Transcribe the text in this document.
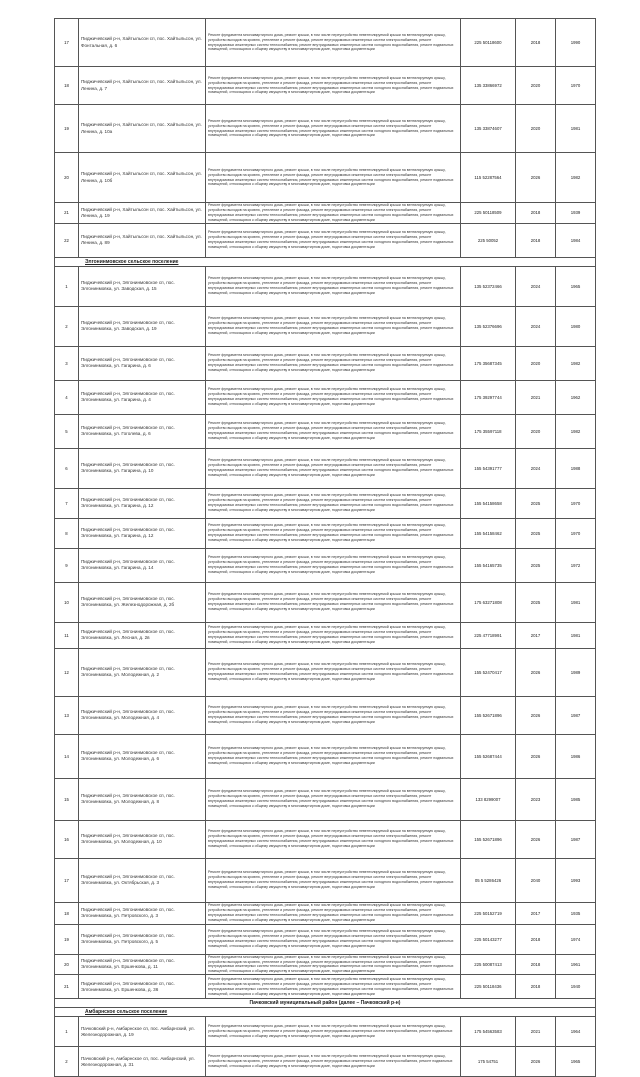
17	Пиджичевский р-н, Хайтыльсон сп, пос. Хайтыльсон, ул. Фонтальная, д. 6	Ремонт фундамента многоквартирного дома, ремонт крыши, в том числе переустройство невентилируемой крыши на вентилируемую крышу, устройство выходов на кровлю, утепление и ремонт фасада, ремонт внутридомовых инженерных систем электроснабжения, ремонт внутридомовых инженерных систем теплоснабжения, ремонт внутридомовых инженерных систем холодного водоснабжения, ремонт подвальных помещений, относящихся к общему имуществу в многоквартирном доме, подготовка документации	225 50118600	2018	1990
18	Пиджичевский р-н, Хайтыльсон сп, пос. Хайтыльсон, ул. Ленина, д. 7	Ремонт фундамента многоквартирного дома, ремонт крыши, в том числе переустройство невентилируемой крыши на вентилируемую крышу, устройство выходов на кровлю, утепление и ремонт фасада, ремонт внутридомовых инженерных систем электроснабжения, ремонт внутридомовых инженерных систем теплоснабжения, ремонт внутридомовых инженерных систем холодного водоснабжения, ремонт подвальных помещений, относящихся к общему имуществу в многоквартирном доме, подготовка документации	135 33866972	2020	1970
19	Пиджичевский р-н, Хайтыльсон сп, пос. Хайтыльсон, ул. Ленина, д. 10а	Ремонт фундамента многоквартирного дома, ремонт крыши, в том числе переустройство невентилируемой крыши на вентилируемую крышу, устройство выходов на кровлю, утепление и ремонт фасада, ремонт внутридомовых инженерных систем электроснабжения, ремонт внутридомовых инженерных систем теплоснабжения, ремонт внутридомовых инженерных систем холодного водоснабжения, ремонт подвальных помещений, относящихся к общему имуществу в многоквартирном доме, подготовка документации	135 33874607	2020	1981
20	Пиджичевский р-н, Хайтыльсон сп, пос. Хайтыльсон, ул. Ленина, д. 10б	Ремонт фундамента многоквартирного дома, ремонт крыши, в том числе переустройство невентилируемой крыши на вентилируемую крышу, устройство выходов на кровлю, утепление и ремонт фасада, ремонт внутридомовых инженерных систем электроснабжения, ремонт внутридомовых инженерных систем теплоснабжения, ремонт внутридомовых инженерных систем холодного водоснабжения, ремонт подвальных помещений, относящихся к общему имуществу в многоквартирном доме, подготовка документации	115 52287564	2026	1982
21	Пиджичевский р-н, Хайтыльсон сп, пос. Хайтыльсон, ул. Ленина, д. 19	Ремонт фундамента многоквартирного дома, ремонт крыши, в том числе переустройство невентилируемой крыши на вентилируемую крышу, устройство выходов на кровлю, утепление и ремонт фасада, ремонт внутридомовых инженерных систем электроснабжения, ремонт внутридомовых инженерных систем теплоснабжения, ремонт внутридомовых инженерных систем холодного водоснабжения, ремонт подвальных помещений, относящихся к общему имуществу в многоквартирном доме, подготовка документации	225 50118509	2018	1939
22	Пиджичевский р-н, Хайтыльсон сп, пос. Хайтыльсон, ул. Ленина, д. 89	Ремонт фундамента многоквартирного дома, ремонт крыши, в том числе переустройство невентилируемой крыши на вентилируемую крышу, устройство выходов на кровлю, утепление и ремонт фасада, ремонт внутридомовых инженерных систем электроснабжения, ремонт внутридомовых инженерных систем теплоснабжения, ремонт внутридомовых инженерных систем холодного водоснабжения, ремонт подвальных помещений, относящихся к общему имуществу в многоквартирном доме, подготовка документации	225 50052	2018	1984
Элгонинмовское сельское поселение					
1	Пиджичевский р-н, Элгонинмовское сп, пос. Элгонинмовка, ул. Заводская, д. 15	Ремонт фундамента многоквартирного дома, ремонт крыши, в том числе переустройство невентилируемой крыши на вентилируемую крышу, устройство выходов на кровлю, утепление и ремонт фасада, ремонт внутридомовых инженерных систем электроснабжения, ремонт внутридомовых инженерных систем теплоснабжения, ремонт внутридомовых инженерных систем холодного водоснабжения, ремонт подвальных помещений, относящихся к общему имуществу в многоквартирном доме, подготовка документации	135 52372466	2024	1965
2	Пиджичевский р-н, Элгонинмовское сп, пос. Элгонинмовка, ул. Заводская, д. 19	Ремонт фундамента многоквартирного дома, ремонт крыши, в том числе переустройство невентилируемой крыши на вентилируемую крышу, устройство выходов на кровлю, утепление и ремонт фасада, ремонт внутридомовых инженерных систем электроснабжения, ремонт внутридомовых инженерных систем теплоснабжения, ремонт внутридомовых инженерных систем холодного водоснабжения, ремонт подвальных помещений, относящихся к общему имуществу в многоквартирном доме, подготовка документации	135 52376696	2024	1980
3	Пиджичевский р-н, Элгонинмовское сп, пос. Элгонинмовка, ул. Гагарина, д. 6	Ремонт фундамента многоквартирного дома, ремонт крыши, в том числе переустройство невентилируемой крыши на вентилируемую крышу, устройство выходов на кровлю, утепление и ремонт фасада, ремонт внутридомовых инженерных систем электроснабжения, ремонт внутридомовых инженерных систем теплоснабжения, ремонт внутридомовых инженерных систем холодного водоснабжения, ремонт подвальных помещений, относящихся к общему имуществу в многоквартирном доме, подготовка документации	175 35687345	2020	1982
4	Пиджичевский р-н, Элгонинмовское сп, пос. Элгонинмовка, ул. Гагарина, д. 4	Ремонт фундамента многоквартирного дома, ремонт крыши, в том числе переустройство невентилируемой крыши на вентилируемую крышу, устройство выходов на кровлю, утепление и ремонт фасада, ремонт внутридомовых инженерных систем электроснабжения, ремонт внутридомовых инженерных систем теплоснабжения, ремонт внутридомовых инженерных систем холодного водоснабжения, ремонт подвальных помещений, относящихся к общему имуществу в многоквартирном доме, подготовка документации	175 39297744	2021	1962
5	Пиджичевский р-н, Элгонинмовское сп, пос. Элгонинмовка, ул. Гоголева, д. 6	Ремонт фундамента многоквартирного дома, ремонт крыши, в том числе переустройство невентилируемой крыши на вентилируемую крышу, устройство выходов на кровлю, утепление и ремонт фасада, ремонт внутридомовых инженерных систем электроснабжения, ремонт внутридомовых инженерных систем теплоснабжения, ремонт внутридомовых инженерных систем холодного водоснабжения, ремонт подвальных помещений, относящихся к общему имуществу в многоквартирном доме, подготовка документации	175 35597118	2020	1982
6	Пиджичевский р-н, Элгонинмовское сп, пос. Элгонинмовка, ул. Гагарина, д. 10	Ремонт фундамента многоквартирного дома, ремонт крыши, в том числе переустройство невентилируемой крыши на вентилируемую крышу, устройство выходов на кровлю, утепление и ремонт фасада, ремонт внутридомовых инженерных систем электроснабжения, ремонт внутридомовых инженерных систем теплоснабжения, ремонт внутридомовых инженерных систем холодного водоснабжения, ремонт подвальных помещений, относящихся к общему имуществу в многоквартирном доме, подготовка документации	155 54391777	2024	1988
7	Пиджичевский р-н, Элгонинмовское сп, пос. Элгонинмовка, ул. Гагарина, д. 12	Ремонт фундамента многоквартирного дома, ремонт крыши, в том числе переустройство невентилируемой крыши на вентилируемую крышу, устройство выходов на кровлю, утепление и ремонт фасада, ремонт внутридомовых инженерных систем электроснабжения, ремонт внутридомовых инженерных систем теплоснабжения, ремонт внутридомовых инженерных систем холодного водоснабжения, ремонт подвальных помещений, относящихся к общему имуществу в многоквартирном доме, подготовка документации	155 54158658	2025	1970
8	Пиджичевский р-н, Элгонинмовское сп, пос. Элгонинмовка, ул. Гагарина, д. 12	Ремонт фундамента многоквартирного дома, ремонт крыши, в том числе переустройство невентилируемой крыши на вентилируемую крышу, устройство выходов на кровлю, утепление и ремонт фасада, ремонт внутридомовых инженерных систем электроснабжения, ремонт внутридомовых инженерных систем теплоснабжения, ремонт внутридомовых инженерных систем холодного водоснабжения, ремонт подвальных помещений, относящихся к общему имуществу в многоквартирном доме, подготовка документации	155 54158462	2025	1970
9	Пиджичевский р-н, Элгонинмовское сп, пос. Элгонинмовка, ул. Гагарина, д. 14	Ремонт фундамента многоквартирного дома, ремонт крыши, в том числе переустройство невентилируемой крыши на вентилируемую крышу, устройство выходов на кровлю, утепление и ремонт фасада, ремонт внутридомовых инженерных систем электроснабжения, ремонт внутридомовых инженерных систем теплоснабжения, ремонт внутридомовых инженерных систем холодного водоснабжения, ремонт подвальных помещений, относящихся к общему имуществу в многоквартирном доме, подготовка документации	155 54165735	2025	1972
10	Пиджичевский р-н, Элгонинмовское сп, пос. Элгонинмовка, ул. Железнодорожная, д. 2б	Ремонт фундамента многоквартирного дома, ремонт крыши, в том числе переустройство невентилируемой крыши на вентилируемую крышу, устройство выходов на кровлю, утепление и ремонт фасада, ремонт внутридомовых инженерных систем электроснабжения, ремонт внутридомовых инженерных систем теплоснабжения, ремонт внутридомовых инженерных систем холодного водоснабжения, ремонт подвальных помещений, относящихся к общему имуществу в многоквартирном доме, подготовка документации	175 63271808	2025	1981
11	Пиджичевский р-н, Элгонинмовское сп, пос. Элгонинмовка, ул. Лесная, д. 2в	Ремонт фундамента многоквартирного дома, ремонт крыши, в том числе переустройство невентилируемой крыши на вентилируемую крышу, устройство выходов на кровлю, утепление и ремонт фасада, ремонт внутридомовых инженерных систем электроснабжения, ремонт внутридомовых инженерных систем теплоснабжения, ремонт внутридомовых инженерных систем холодного водоснабжения, ремонт подвальных помещений, относящихся к общему имуществу в многоквартирном доме, подготовка документации	225 47718991	2017	1981
12	Пиджичевский р-н, Элгонинмовское сп, пос. Элгонинмовка, ул. Молодежная, д. 2	Ремонт фундамента многоквартирного дома, ремонт крыши, в том числе переустройство невентилируемой крыши на вентилируемую крышу, устройство выходов на кровлю, утепление и ремонт фасада, ремонт внутридомовых инженерных систем электроснабжения, ремонт внутридомовых инженерных систем теплоснабжения, ремонт внутридомовых инженерных систем холодного водоснабжения, ремонт подвальных помещений, относящихся к общему имуществу в многоквартирном доме, подготовка документации	155 52470417	2026	1989
13	Пиджичевский р-н, Элгонинмовское сп, пос. Элгонинмовка, ул. Молодежная, д. 4	Ремонт фундамента многоквартирного дома, ремонт крыши, в том числе переустройство невентилируемой крыши на вентилируемую крышу, устройство выходов на кровлю, утепление и ремонт фасада, ремонт внутридомовых инженерных систем электроснабжения, ремонт внутридомовых инженерных систем теплоснабжения, ремонт внутридомовых инженерных систем холодного водоснабжения, ремонт подвальных помещений, относящихся к общему имуществу в многоквартирном доме, подготовка документации	155 52671896	2026	1987
14	Пиджичевский р-н, Элгонинмовское сп, пос. Элгонинмовка, ул. Молодежная, д. 6	Ремонт фундамента многоквартирного дома, ремонт крыши, в том числе переустройство невентилируемой крыши на вентилируемую крышу, устройство выходов на кровлю, утепление и ремонт фасада, ремонт внутридомовых инженерных систем электроснабжения, ремонт внутридомовых инженерных систем теплоснабжения, ремонт внутридомовых инженерных систем холодного водоснабжения, ремонт подвальных помещений, относящихся к общему имуществу в многоквартирном доме, подготовка документации	155 52687444	2026	1986
15	Пиджичевский р-н, Элгонинмовское сп, пос. Элгонинмовка, ул. Молодежная, д. 8	Ремонт фундамента многоквартирного дома, ремонт крыши, в том числе переустройство невентилируемой крыши на вентилируемую крышу, устройство выходов на кровлю, утепление и ремонт фасада, ремонт внутридомовых инженерных систем электроснабжения, ремонт внутридомовых инженерных систем теплоснабжения, ремонт внутридомовых инженерных систем холодного водоснабжения, ремонт подвальных помещений, относящихся к общему имуществу в многоквартирном доме, подготовка документации	133 8299007	2023	1985
16	Пиджичевский р-н, Элгонинмовское сп, пос. Элгонинмовка, ул. Молодежная, д. 10	Ремонт фундамента многоквартирного дома, ремонт крыши, в том числе переустройство невентилируемой крыши на вентилируемую крышу, устройство выходов на кровлю, утепление и ремонт фасада, ремонт внутридомовых инженерных систем электроснабжения, ремонт внутридомовых инженерных систем теплоснабжения, ремонт внутридомовых инженерных систем холодного водоснабжения, ремонт подвальных помещений, относящихся к общему имуществу в многоквартирном доме, подготовка документации	155 52671896	2026	1987
17	Пиджичевский р-н, Элгонинмовское сп, пос. Элгонинмовка, ул. Октябрьская, д. 3	Ремонт фундамента многоквартирного дома, ремонт крыши, в том числе переустройство невентилируемой крыши на вентилируемую крышу, устройство выходов на кровлю, утепление и ремонт фасада, ремонт внутридомовых инженерных систем электроснабжения, ремонт внутридомовых инженерных систем теплоснабжения, ремонт внутридомовых инженерных систем холодного водоснабжения, ремонт подвальных помещений, относящихся к общему имуществу в многоквартирном доме, подготовка документации	05 5 5286426	2040	1993
18	Пиджичевский р-н, Элгонинмовское сп, пос. Элгонинмовка, ул. Петровского, д. 3	Ремонт фундамента многоквартирного дома, ремонт крыши, в том числе переустройство невентилируемой крыши на вентилируемую крышу, устройство выходов на кровлю, утепление и ремонт фасада, ремонт внутридомовых инженерных систем электроснабжения, ремонт внутридомовых инженерных систем теплоснабжения, ремонт внутридомовых инженерных систем холодного водоснабжения, ремонт подвальных помещений, относящихся к общему имуществу в многоквартирном доме, подготовка документации	225 50152719	2017	1935
19	Пиджичевский р-н, Элгонинмовское сп, пос. Элгонинмовка, ул. Петровского, д. 5	Ремонт фундамента многоквартирного дома, ремонт крыши, в том числе переустройство невентилируемой крыши на вентилируемую крышу, устройство выходов на кровлю, утепление и ремонт фасада, ремонт внутридомовых инженерных систем электроснабжения, ремонт внутридомовых инженерных систем теплоснабжения, ремонт внутридомовых инженерных систем холодного водоснабжения, ремонт подвальных помещений, относящихся к общему имуществу в многоквартирном доме, подготовка документации	225 50143277	2018	1974
20	Пиджичевский р-н, Элгонинмовское сп, пос. Элгонинмовка, ул. Ершенкова, д. 11	Ремонт фундамента многоквартирного дома, ремонт крыши, в том числе переустройство невентилируемой крыши на вентилируемую крышу, устройство выходов на кровлю, утепление и ремонт фасада, ремонт внутридомовых инженерных систем электроснабжения, ремонт внутридомовых инженерных систем теплоснабжения, ремонт внутридомовых инженерных систем холодного водоснабжения, ремонт подвальных помещений, относящихся к общему имуществу в многоквартирном доме, подготовка документации	225 50087413	2018	1961
21	Пиджичевский р-н, Элгонинмовское сп, пос. Элгонинмовка, ул. Ершенкова, д. 36	Ремонт фундамента многоквартирного дома, ремонт крыши, в том числе переустройство невентилируемой крыши на вентилируемую крышу, устройство выходов на кровлю, утепление и ремонт фасада, ремонт внутридомовых инженерных систем электроснабжения, ремонт внутридомовых инженерных систем теплоснабжения, ремонт внутридомовых инженерных систем холодного водоснабжения, ремонт подвальных помещений, относящихся к общему имуществу в многоквартирном доме, подготовка документации	225 50118436	2018	1940
Пачковский муниципальный район (далее – Пачковский р-н)					
Амбарнское сельское поселение					
1	Пачковский р-н, Амбарнское сп, пос. Амбарнский, ул. Железнодорожная, д. 19	Ремонт фундамента многоквартирного дома, ремонт крыши, в том числе переустройство невентилируемой крыши на вентилируемую крышу, устройство выходов на кровлю, утепление и ремонт фасада, ремонт внутридомовых инженерных систем электроснабжения, ремонт подвальных помещений, относящихся к общему имуществу в многоквартирном доме, подготовка документации	175 54563583	2021	1964
2	Пачковский р-н, Амбарнское сп, пос. Амбарнский, ул. Железнодорожная, д. 31	Ремонт фундамента многоквартирного дома, ремонт крыши, в том числе переустройство невентилируемой крыши на вентилируемую крышу, устройство выходов на кровлю, утепление и ремонт фасада, ремонт внутридомовых инженерных систем электроснабжения, ремонт подвальных помещений, относящихся к общему имуществу в многоквартирном доме, подготовка документации	175 54751	2026	1965
